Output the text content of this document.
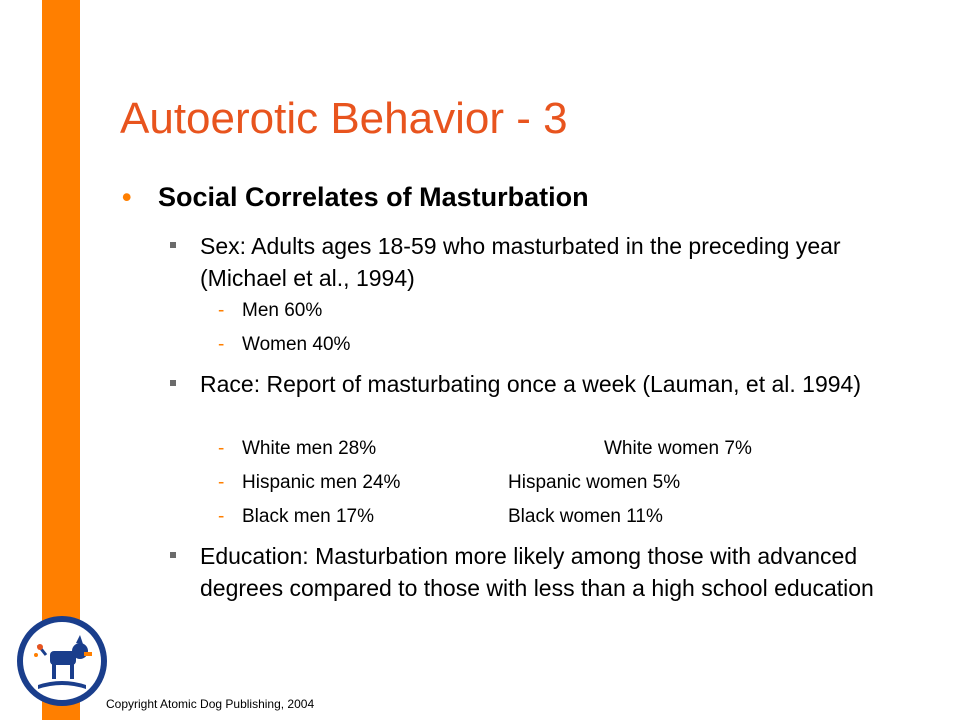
Autoerotic Behavior - 3
• Social Correlates of Masturbation
Sex: Adults ages 18-59 who masturbated in the preceding year (Michael et al., 1994)
- Men 60%
- Women 40%
Race: Report of masturbating once a week (Lauman, et al. 1994)
- White men 28%	White women 7%
- Hispanic men 24%	Hispanic women 5%
- Black men 17%	Black women 11%
Education: Masturbation more likely among those with advanced degrees compared to those with less than a high school education
Copyright Atomic Dog Publishing, 2004
